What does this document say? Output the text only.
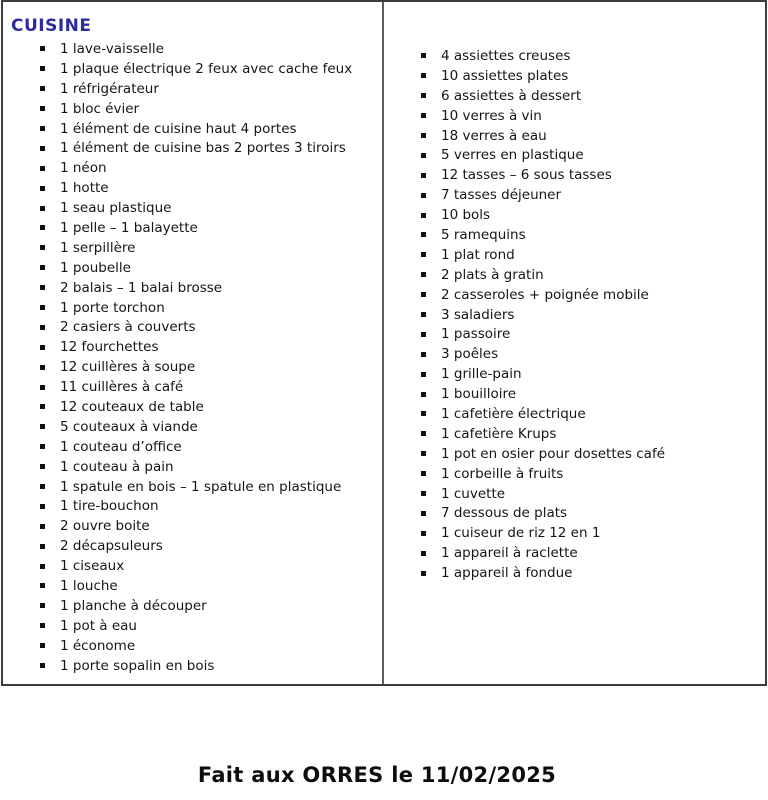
CUISINE
1 lave-vaisselle
1 plaque électrique 2 feux avec cache feux
1 réfrigérateur
1 bloc évier
1 élément de cuisine haut 4 portes
1 élément de cuisine bas 2 portes 3 tiroirs
1 néon
1 hotte
1 seau plastique
1 pelle – 1 balayette
1 serpillère
1 poubelle
2 balais – 1 balai brosse
1 porte torchon
2 casiers à couverts
12 fourchettes
12 cuillères à soupe
11 cuillères à café
12 couteaux de table
5 couteaux à viande
1 couteau d’office
1 couteau à pain
1 spatule en bois – 1 spatule en plastique
1 tire-bouchon
2 ouvre boite
2 décapsuleurs
1 ciseaux
1 louche
1 planche à découper
1 pot à eau
1 économe
1 porte sopalin en bois
4 assiettes creuses
10 assiettes plates
6 assiettes à dessert
10 verres à vin
18 verres à eau
5 verres en plastique
12 tasses – 6 sous tasses
7 tasses déjeuner
10 bols
5 ramequins
1 plat rond
2 plats à gratin
2 casseroles + poignée mobile
3 saladiers
1 passoire
3 poêles
1 grille-pain
1 bouilloire
1 cafetière électrique
1 cafetière Krups
1 pot en osier pour dosettes café
1 corbeille à fruits
1 cuvette
7 dessous de plats
1 cuiseur de riz 12 en 1
1 appareil à raclette
1 appareil à fondue
Fait aux ORRES le 11/02/2025
